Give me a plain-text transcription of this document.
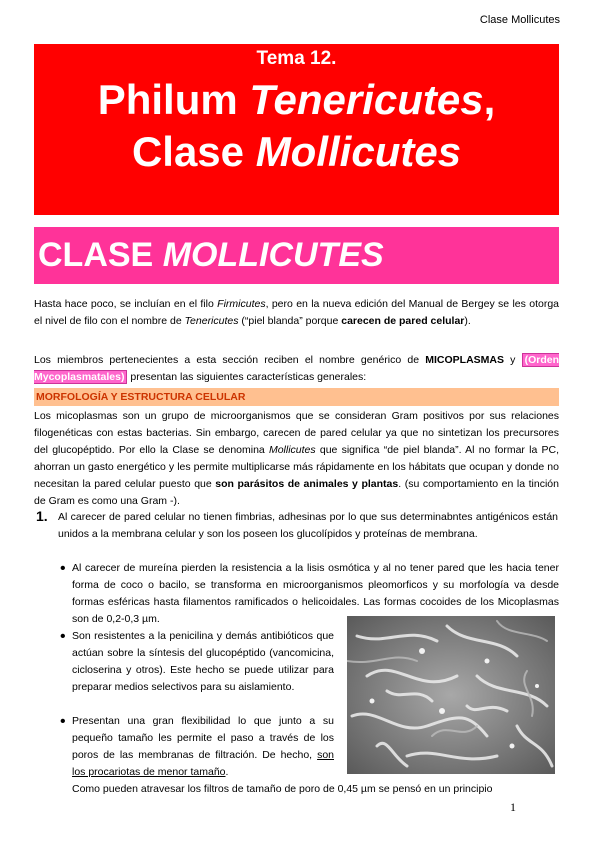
Clase Mollicutes
Tema 12.
Philum Tenericutes,
Clase Mollicutes
CLASE MOLLICUTES
Hasta hace poco, se incluían en el filo Firmicutes, pero en la nueva edición del Manual de Bergey se les otorga el nivel de filo con el nombre de Tenericutes (“piel blanda” porque carecen de pared celular).
Los miembros pertenecientes a esta sección reciben el nombre genérico de MICOPLASMAS y (Orden Mycoplasmatales) presentan las siguientes características generales:
MORFOLOGÍA Y ESTRUCTURA CELULAR
Los micoplasmas son un grupo de microorganismos que se consideran Gram positivos por sus relaciones filogenéticas con estas bacterias. Sin embargo, carecen de pared celular ya que no sintetizan los precursores del glucopéptido. Por ello la Clase se denomina Mollicutes que significa “de piel blanda”. Al no formar la PC, ahorran un gasto energético y les permite multiplicarse más rápidamente en los hábitats que ocupan y donde no necesitan la pared celular puesto que son parásitos de animales y plantas. (su comportamiento en la tinción de Gram es como una Gram -).
1. Al carecer de pared celular no tienen fimbrias, adhesinas por lo que sus determinabntes antigénicos están unidos a la membrana celular y son los poseen los glucolípidos y proteínas de membrana.
• Al carecer de mureína pierden la resistencia a la lisis osmótica y al no tener pared que les hacia tener forma de coco o bacilo, se transforma en microorganismos pleomorficos y su morfología va desde formas esféricas hasta filamentos ramificados o helicoidales. Las formas cocoides de los Micoplasmas son de 0,2-0,3 µm.
• Son resistentes a la penicilina y demás antibióticos que actúan sobre la síntesis del glucopéptido (vancomicina, cicloserina y otros). Este hecho se puede utilizar para preparar medios selectivos para su aislamiento.
• Presentan una gran flexibilidad lo que junto a su pequeño tamaño les permite el paso a través de los poros de las membranas de filtración. De hecho, son los procariotas de menor tamaño.
Como pueden atravesar los filtros de tamaño de poro de 0,45 µm se pensó en un principio
1
